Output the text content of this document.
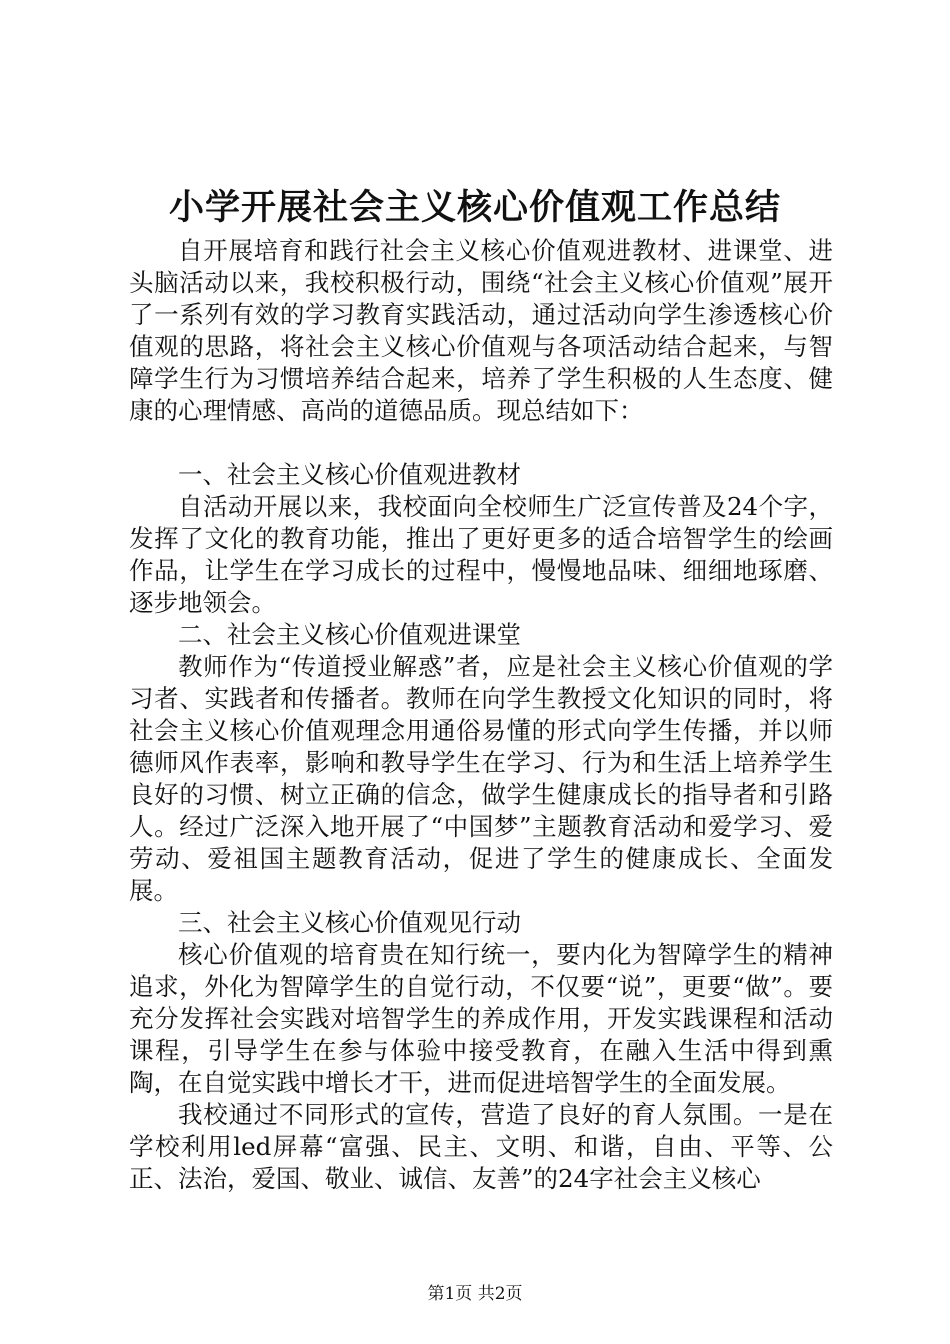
小学开展社会主义核心价值观工作总结

自开展培育和践行社会主义核心价值观进教材、进课堂、进头脑活动以来，我校积极行动，围绕“社会主义核心价值观”展开了一系列有效的学习教育实践活动，通过活动向学生渗透核心价值观的思路，将社会主义核心价值观与各项活动结合起来，与智障学生行为习惯培养结合起来，培养了学生积极的人生态度、健康的心理情感、高尚的道德品质。现总结如下：

一、社会主义核心价值观进教材

自活动开展以来，我校面向全校师生广泛宣传普及24个字，发挥了文化的教育功能，推出了更好更多的适合培智学生的绘画作品，让学生在学习成长的过程中，慢慢地品味、细细地琢磨、逐步地领会。

二、社会主义核心价值观进课堂

教师作为“传道授业解惑”者，应是社会主义核心价值观的学习者、实践者和传播者。教师在向学生教授文化知识的同时，将社会主义核心价值观理念用通俗易懂的形式向学生传播，并以师德师风作表率，影响和教导学生在学习、行为和生活上培养学生良好的习惯、树立正确的信念，做学生健康成长的指导者和引路人。经过广泛深入地开展了“中国梦”主题教育活动和爱学习、爱劳动、爱祖国主题教育活动，促进了学生的健康成长、全面发展。

三、社会主义核心价值观见行动

核心价值观的培育贵在知行统一，要内化为智障学生的精神追求，外化为智障学生的自觉行动，不仅要“说”，更要“做”。要充分发挥社会实践对培智学生的养成作用，开发实践课程和活动课程，引导学生在参与体验中接受教育，在融入生活中得到熏陶，在自觉实践中增长才干，进而促进培智学生的全面发展。

我校通过不同形式的宣传，营造了良好的育人氛围。一是在学校利用led屏幕“富强、民主、文明、和谐，自由、平等、公正、法治，爱国、敬业、诚信、友善”的24字社会主义核心

第1页 共2页
